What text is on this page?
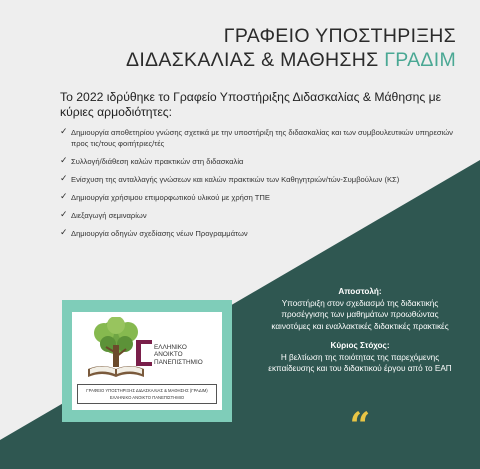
ΓΡΑΦΕΙΟ ΥΠΟΣΤΗΡΙΞΗΣ
ΔΙΔΑΣΚΑΛΙΑΣ & ΜΑΘΗΣΗΣ ΓΡΑΔΙΜ
Το 2022 ιδρύθηκε το Γραφείο Υποστήριξης Διδασκαλίας & Μάθησης με κύριες αρμοδιότητες:
✓ Δημιουργία αποθετηρίου γνώσης σχετικά με την υποστήριξη της διδασκαλίας και των συμβουλευτικών υπηρεσιών προς τις/τους φοιτήτριες/τές
✓ Συλλογή/διάθεση καλών πρακτικών στη διδασκαλία
✓ Ενίσχυση της ανταλλαγής γνώσεων και καλών πρακτικών των Καθηγητριών/τών-Συμβούλων (ΚΣ)
✓ Δημιουργία χρήσιμου επιμορφωτικού υλικού με χρήση ΤΠΕ
✓ Διεξαγωγή σεμιναρίων
✓ Δημιουργία οδηγών σχεδίασης νέων Προγραμμάτων
ΕΛΛΗΝΙΚΟ
ΑΝΟΙΚΤΟ
ΠΑΝΕΠΙΣΤΗΜΙΟ
ΓΡΑΦΕΙΟ ΥΠΟΣΤΗΡΙΞΗΣ ΔΙΔΑΣΚΑΛΙΑΣ & ΜΑΘΗΣΗΣ (ΓΡΑΔΙΜ)
ΕΛΛΗΝΙΚΟ ΑΝΟΙΚΤΟ ΠΑΝΕΠΙΣΤΗΜΙΟ
Αποστολή:
Υποστήριξη στον σχεδιασμό της διδακτικής προσέγγισης των μαθημάτων προωθώντας καινοτόμες και εναλλακτικές διδακτικές πρακτικές
Κύριος Στόχος:
Η βελτίωση της ποιότητας της παρεχόμενης εκπαίδευσης και του διδακτικού έργου από το ΕΑΠ
“
